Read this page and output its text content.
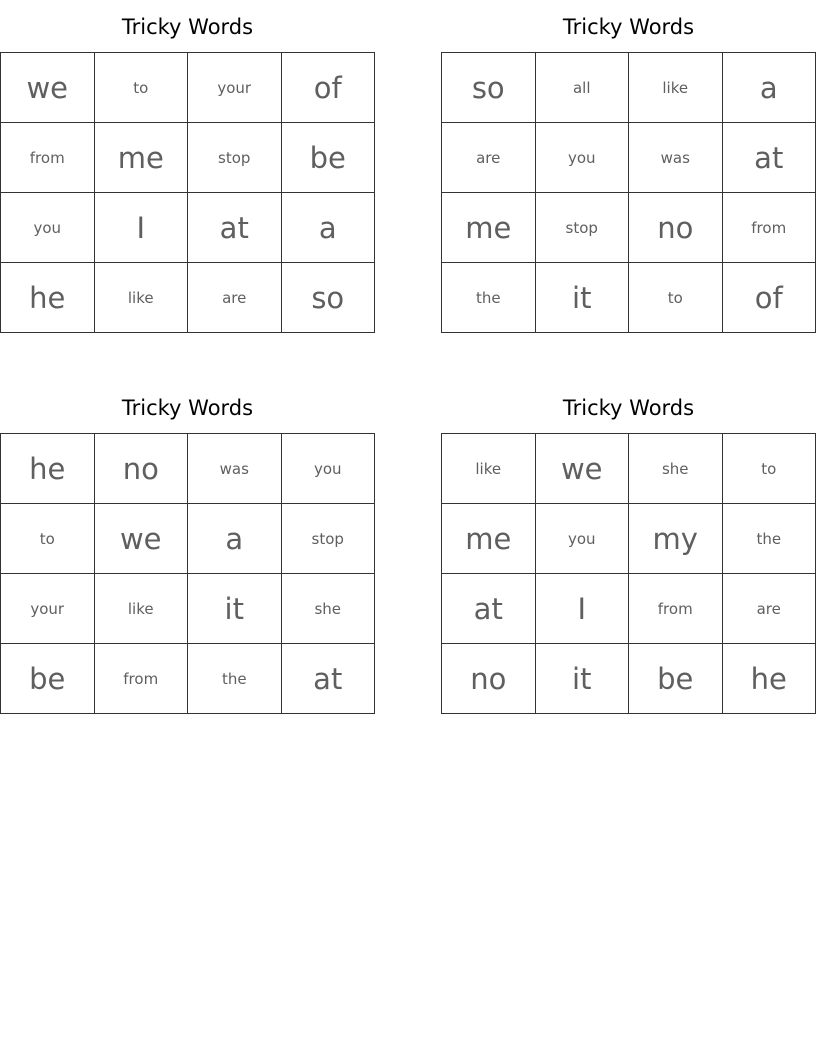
Tricky Words
we	to	your	of
from	me	stop	be
you	I	at	a
he	like	are	so
Tricky Words
so	all	like	a
are	you	was	at
me	stop	no	from
the	it	to	of
Tricky Words
he	no	was	you
to	we	a	stop
your	like	it	she
be	from	the	at
Tricky Words
like	we	she	to
me	you	my	the
at	I	from	are
no	it	be	he
